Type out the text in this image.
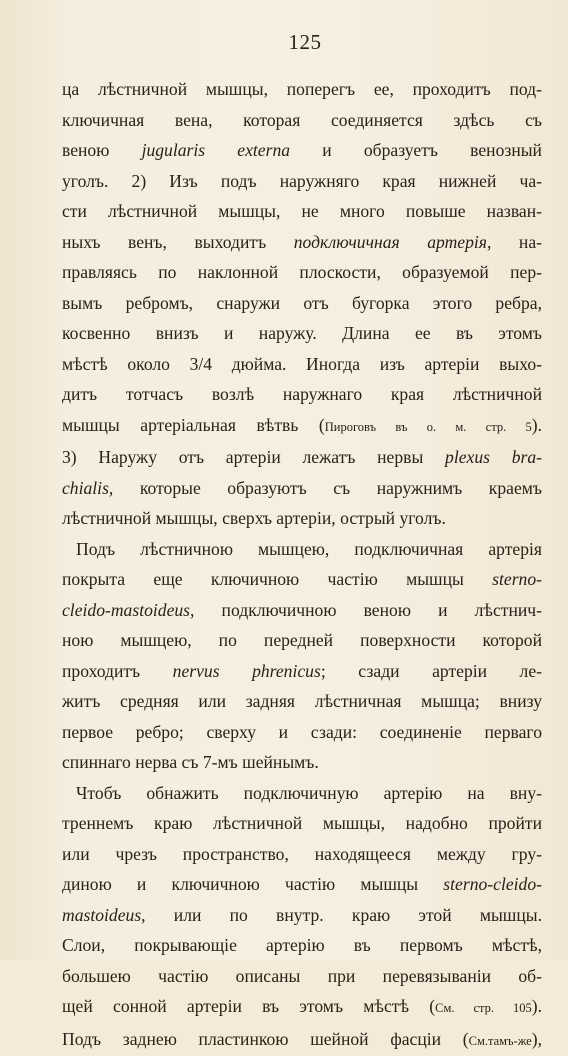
125
ца лѣстничной мышцы, поперегъ ее, проходитъ под-
ключичная вена, которая соединяется здѣсь съ
веною jugularis externa и образуетъ венозный
уголъ. 2) Изъ подъ наружняго края нижней ча-
сти лѣстничной мышцы, не много повыше назван-
ныхъ венъ, выходитъ подключичная артерія, на-
правляясь по наклонной плоскости, образуемой пер-
вымъ ребромъ, снаружи отъ бугорка этого ребра,
косвенно внизъ и наружу. Длина ее въ этомъ
мѣстѣ около 3/4 дюйма. Иногда изъ артеріи выхо-
дитъ тотчасъ возлѣ наружнаго края лѣстничной
мышцы артеріальная вѣтвь (Пироговъ въ о. м. стр. 5).
3) Наружу отъ артеріи лежатъ нервы plexus bra-
chialis, которые образуютъ съ наружнимъ краемъ
лѣстничной мышцы, сверхъ артеріи, острый уголъ.
Подъ лѣстничною мышцею, подключичная артерія
покрыта еще ключичною частію мышцы sterno-
cleido-mastoideus, подключичною веною и лѣстнич-
ною мышцею, по передней поверхности которой
проходитъ nervus phrenicus; сзади артеріи ле-
житъ средняя или задняя лѣстничная мышца; внизу
первое ребро; сверху и сзади: соединеніе перваго
спиннаго нерва съ 7-мъ шейнымъ.
Чтобъ обнажить подключичную артерію на вну-
треннемъ краю лѣстничной мышцы, надобно пройти
или чрезъ пространство, находящееся между гру-
диною и ключичною частію мышцы sterno-cleido-
mastoideus, или по внутр. краю этой мышцы.
Слои, покрывающіе артерію въ первомъ мѣстѣ,
большею частію описаны при перевязываніи об-
щей сонной артеріи въ этомъ мѣстѣ (См. стр. 105).
Подъ заднею пластинкою шейной фасціи (См.тамъ-же),
